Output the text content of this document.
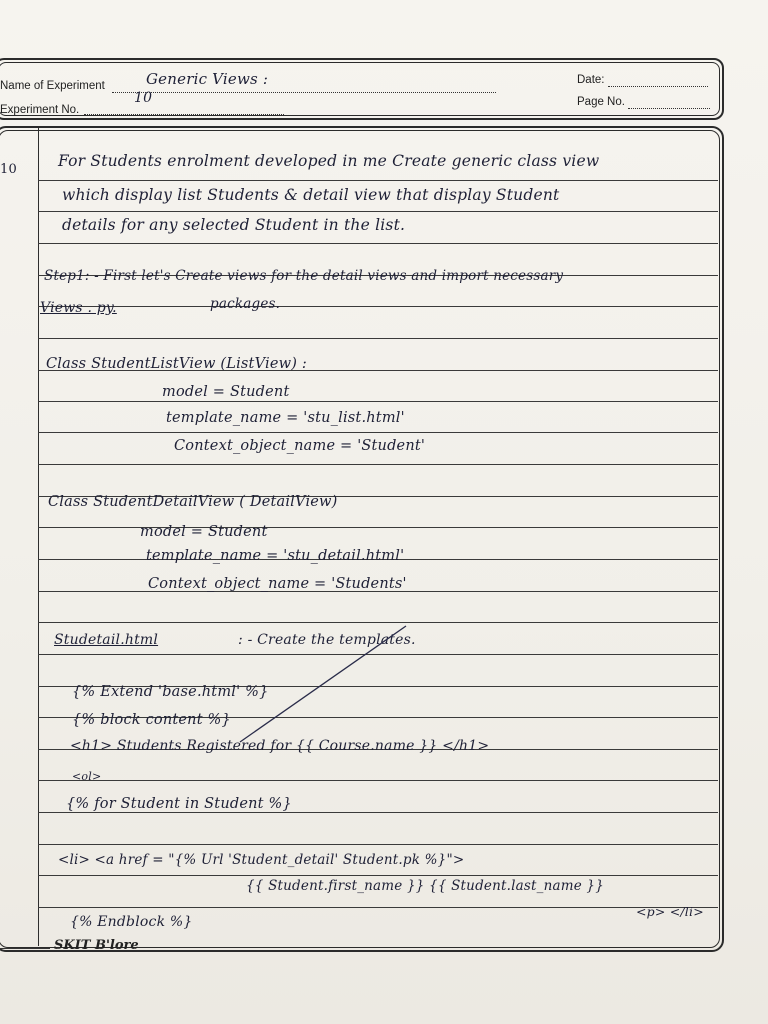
Name of Experiment	Generic Views :
Experiment No.
10
Date:
Page No.
10	For Students enrolment developed in me Create generic class view
which display list Students & detail view that display Student
details for any selected Student in the list.
Step1: - First let's Create views for the detail views and import necessary
Views . py.	packages.
Class StudentListView (ListView) :
model = Student
template_name = 'stu_list.html'
Context_object_name = 'Student'
Class StudentDetailView ( DetailView)
model = Student
template_name = 'stu_detail.html'
Context_object_name = 'Students'
Studetail.html	: - Create the templates.
{% Extend 'base.html' %}
{% block content %}
<h1> Students Registered for {{ Course.name }} </h1>
<ol>
{% for Student in Student %}
<li> <a href = "{% Url 'Student_detail' Student.pk %}">
{{ Student.first_name }} {{ Student.last_name }}
<p> </li>
{% Endblock %}
SKIT B'lore
